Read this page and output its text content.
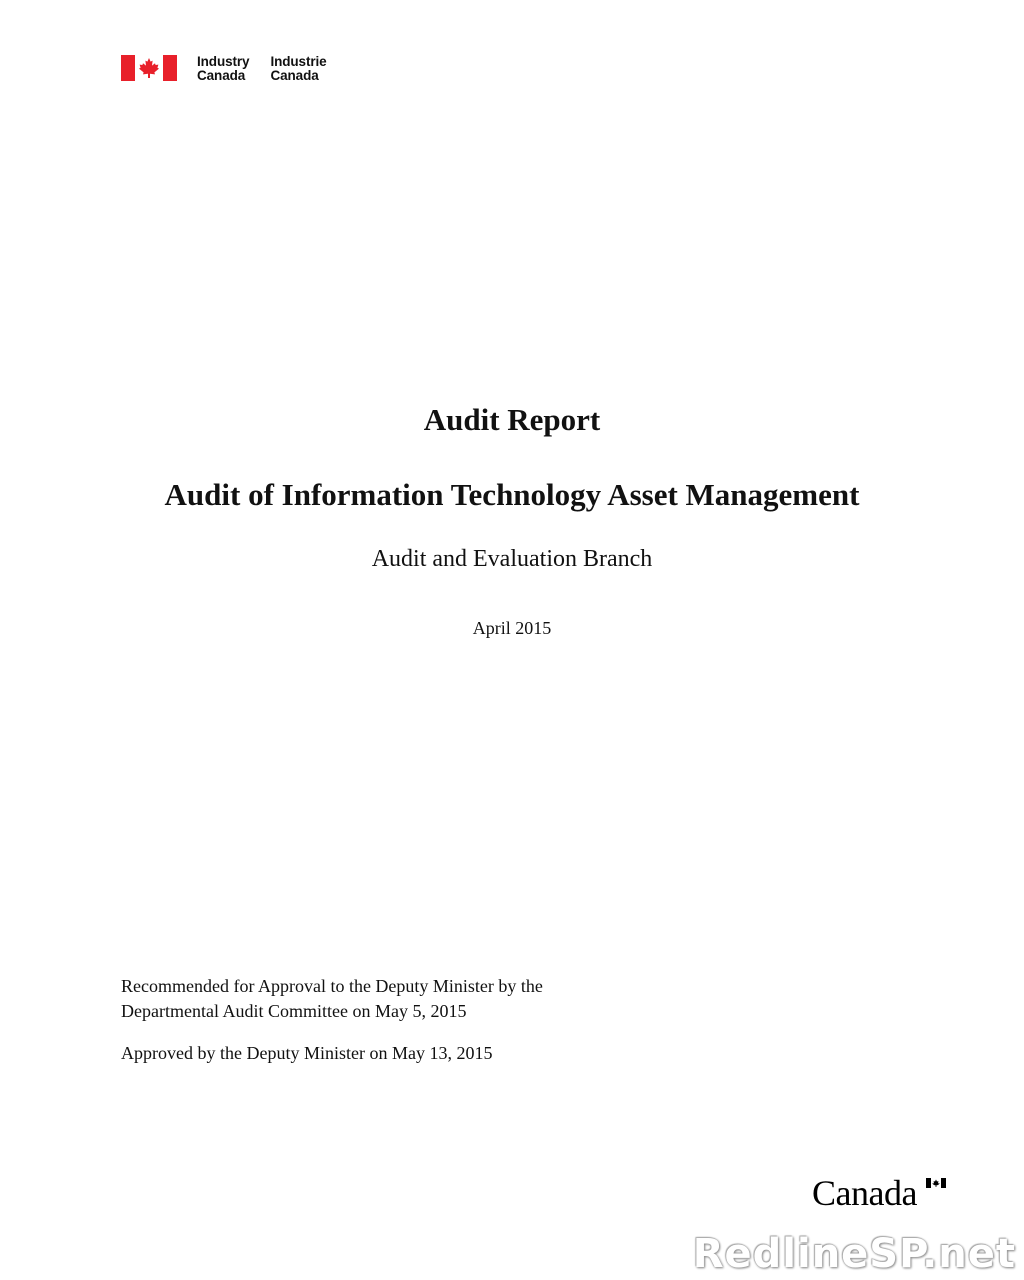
Industry
Canada
Industrie
Canada
Audit Report
Audit of Information Technology Asset Management
Audit and Evaluation Branch
April 2015

Recommended for Approval to the Deputy Minister by the
Departmental Audit Committee on May 5, 2015

Approved by the Deputy Minister on May 13, 2015

Canada
RedlineSP.net
